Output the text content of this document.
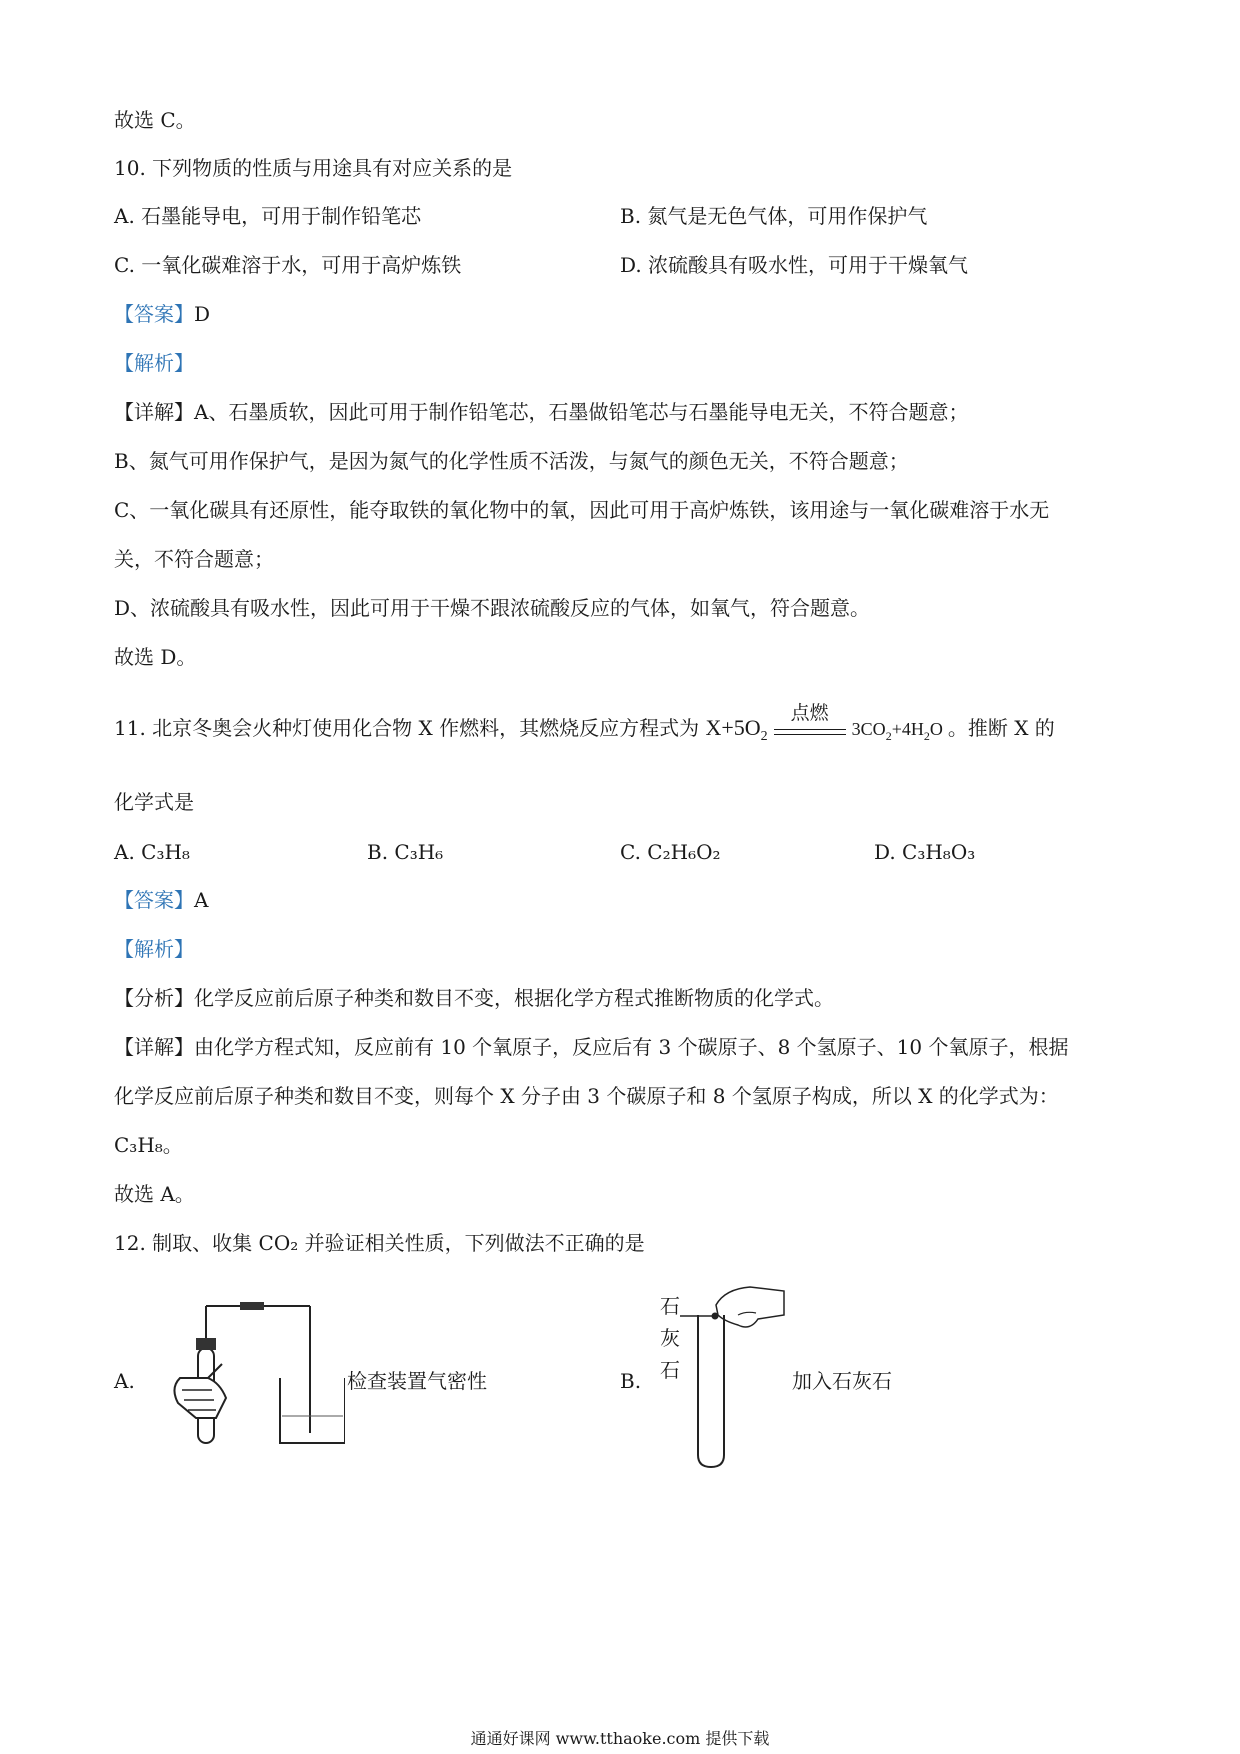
故选 C。
10. 下列物质的性质与用途具有对应关系的是
A. 石墨能导电，可用于制作铅笔芯	B. 氮气是无色气体，可用作保护气
C. 一氧化碳难溶于水，可用于高炉炼铁	D. 浓硫酸具有吸水性，可用于干燥氧气
【答案】D
【解析】
【详解】A、石墨质软，因此可用于制作铅笔芯，石墨做铅笔芯与石墨能导电无关，不符合题意；
B、氮气可用作保护气，是因为氮气的化学性质不活泼，与氮气的颜色无关，不符合题意；
C、一氧化碳具有还原性，能夺取铁的氧化物中的氧，因此可用于高炉炼铁，该用途与一氧化碳难溶于水无
关，不符合题意；
D、浓硫酸具有吸水性，因此可用于干燥不跟浓硫酸反应的气体，如氧气，符合题意。
故选 D。
11. 北京冬奥会火种灯使用化合物 X 作燃料，其燃烧反应方程式为 $X+5O_2$
点燃
$3CO_2+4H_2O$ 。推断 X 的
化学式是
A. C₃H₈	B. C₃H₆	C. C₂H₆O₂	D. C₃H₈O₃
【答案】A
【解析】
【分析】化学反应前后原子种类和数目不变，根据化学方程式推断物质的化学式。
【详解】由化学方程式知，反应前有 10 个氧原子，反应后有 3 个碳原子、8 个氢原子、10 个氧原子，根据
化学反应前后原子种类和数目不变，则每个 X 分子由 3 个碳原子和 8 个氢原子构成，所以 X 的化学式为：
C₃H₈。
故选 A。
12. 制取、收集 CO₂ 并验证相关性质，下列做法不正确的是
A.	检查装置气密性	B.
石
灰
石	加入石灰石
通通好课网 www.tthaoke.com 提供下载
